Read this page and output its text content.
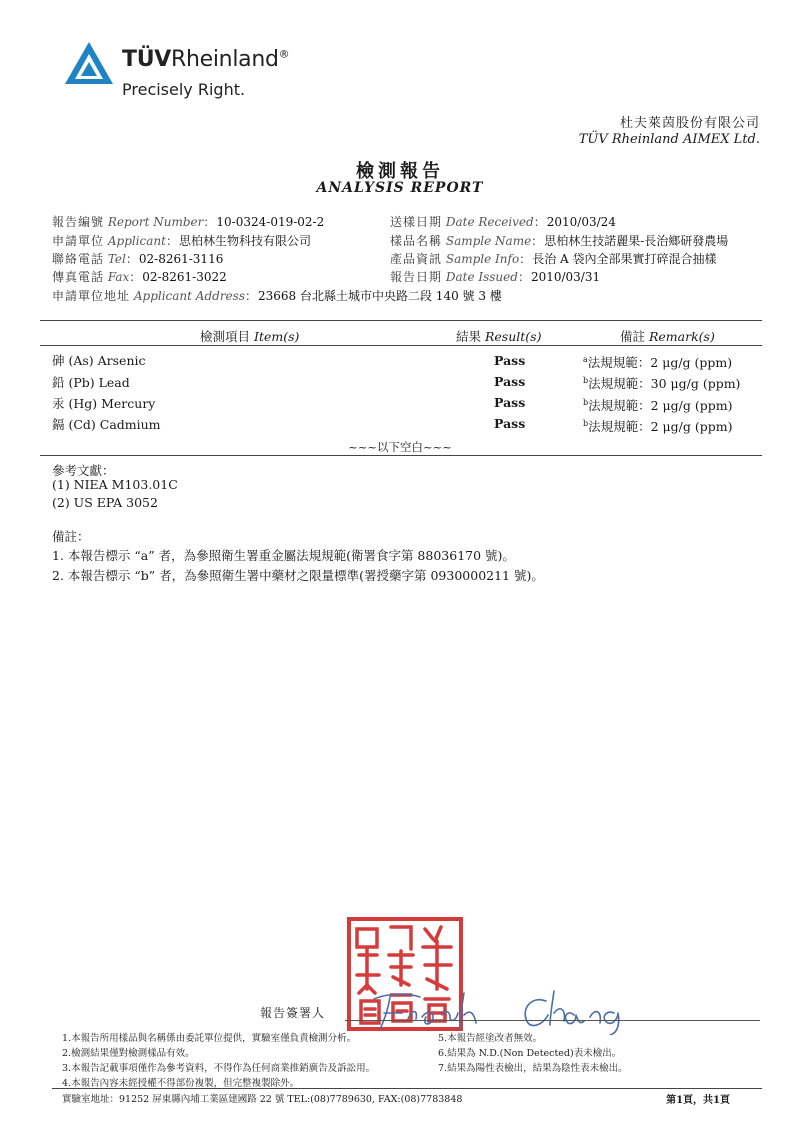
TÜVRheinland®
Precisely Right.
杜夫萊茵股份有限公司
TÜV Rheinland AIMEX Ltd.
檢測報告
ANALYSIS REPORT
報告編號 Report Number：10-0324-019-02-2
申請單位 Applicant：思柏林生物科技有限公司
聯絡電話 Tel：02-8261-3116
傳真電話 Fax：02-8261-3022
申請單位地址 Applicant Address：23668 台北縣土城市中央路二段 140 號 3 樓
送樣日期 Date Received：2010/03/24
樣品名稱 Sample Name：思柏林生技諾麗果-長治鄉研發農場
產品資訊 Sample Info：長治 A 袋內全部果實打碎混合抽樣
報告日期 Date Issued：2010/03/31
檢測項目 Item(s)	結果 Result(s)	備註 Remark(s)
砷 (As) Arsenic	Pass	$^a$法規規範：2 μg/g (ppm)
鉛 (Pb) Lead	Pass	$^b$法規規範：30 μg/g (ppm)
汞 (Hg) Mercury	Pass	$^b$法規規範：2 μg/g (ppm)
鎘 (Cd) Cadmium	Pass	$^b$法規規範：2 μg/g (ppm)
~~~以下空白~~~
參考文獻：
(1) NIEA M103.01C
(2) US EPA 3052
備註：
1. 本報告標示 “a” 者，為參照衛生署重金屬法規規範(衛署食字第 88036170 號)。
2. 本報告標示 “b” 者，為參照衛生署中藥材之限量標準(署授藥字第 0930000211 號)。
報告簽署人
1.本報告所用樣品與名稱係由委託單位提供，實驗室僅負責檢測分析。
2.檢測結果僅對檢測樣品有效。
3.本報告記載事項僅作為參考資料，不得作為任何商業推銷廣告及訴訟用。
4.本報告內容未經授權不得部份複製，但完整複製除外。
5.本報告經塗改者無效。
6.結果為 N.D.(Non Detected)表未檢出。
7.結果為陽性表檢出，結果為陰性表未檢出。
實驗室地址：91252 屏東縣內埔工業區建國路 22 號 TEL:(08)7789630, FAX:(08)7783848	第1頁，共1頁
